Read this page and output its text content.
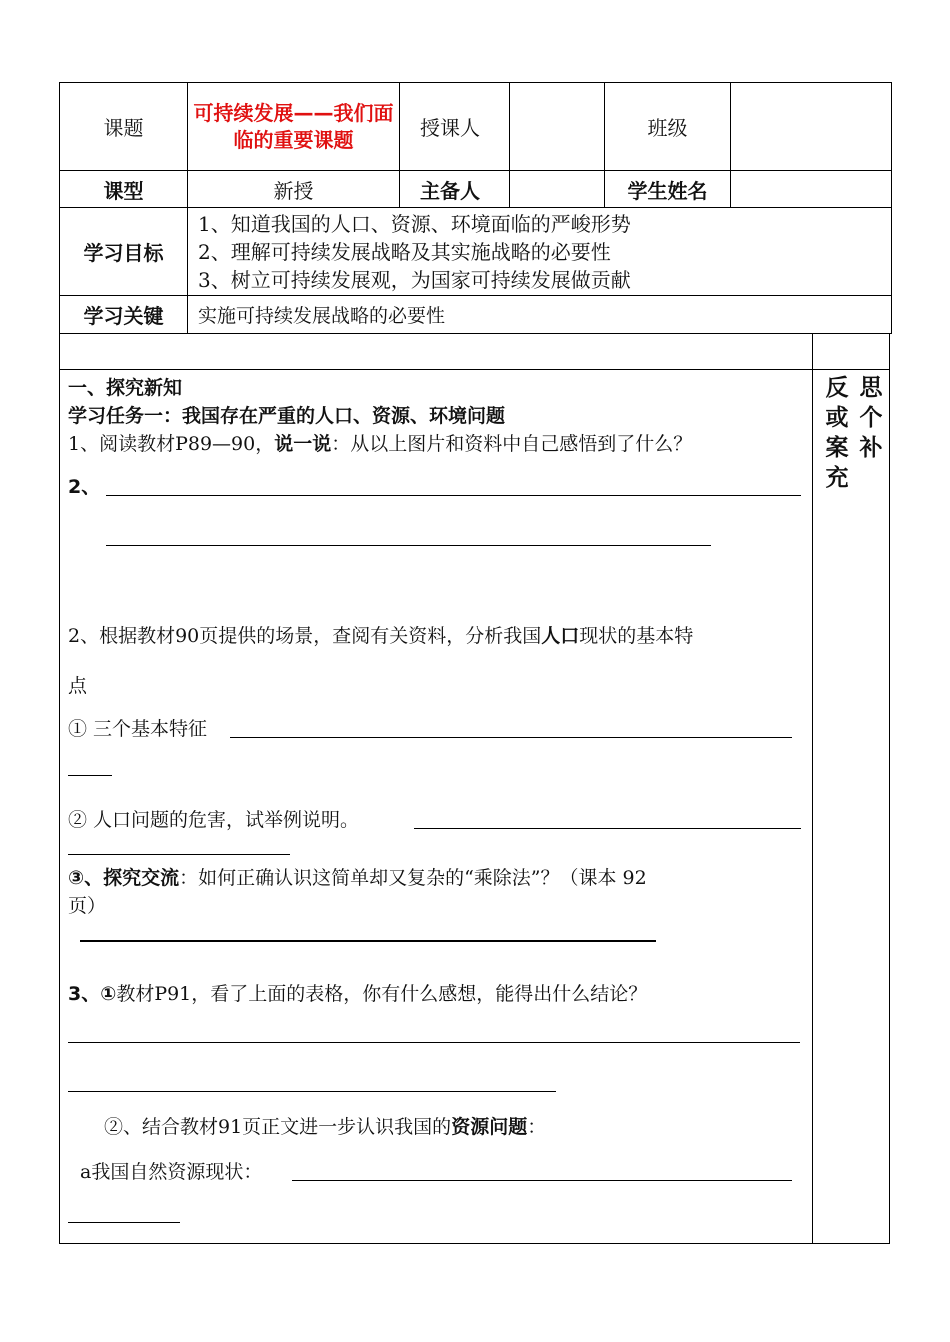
课题	可持续发展——我们面临的重要课题	授课人		班级	
课型	新授	主备人		学生姓名	
学习目标	1、知道我国的人口、资源、环境面临的严峻形势
2、理解可持续发展战略及其实施战略的必要性
3、树立可持续发展观，为国家可持续发展做贡献				

学习关键	实施可持续发展战略的必要性				
反
或
案
充
思
个
补
一、探究新知
学习任务一：我国存在严重的人口、资源、环境问题
1、阅读教材P89—90，说一说：从以上图片和资料中自己感悟到了什么？
2、
2、根据教材90页提供的场景，查阅有关资料，分析我国人口现状的基本特
点
① 三个基本特征
② 人口问题的危害，试举例说明。
③、探究交流：如何正确认识这简单却又复杂的“乘除法”？（课本 92
页）
3、①教材P91，看了上面的表格，你有什么感想，能得出什么结论？
②、结合教材91页正文进一步认识我国的资源问题：
a我国自然资源现状：
